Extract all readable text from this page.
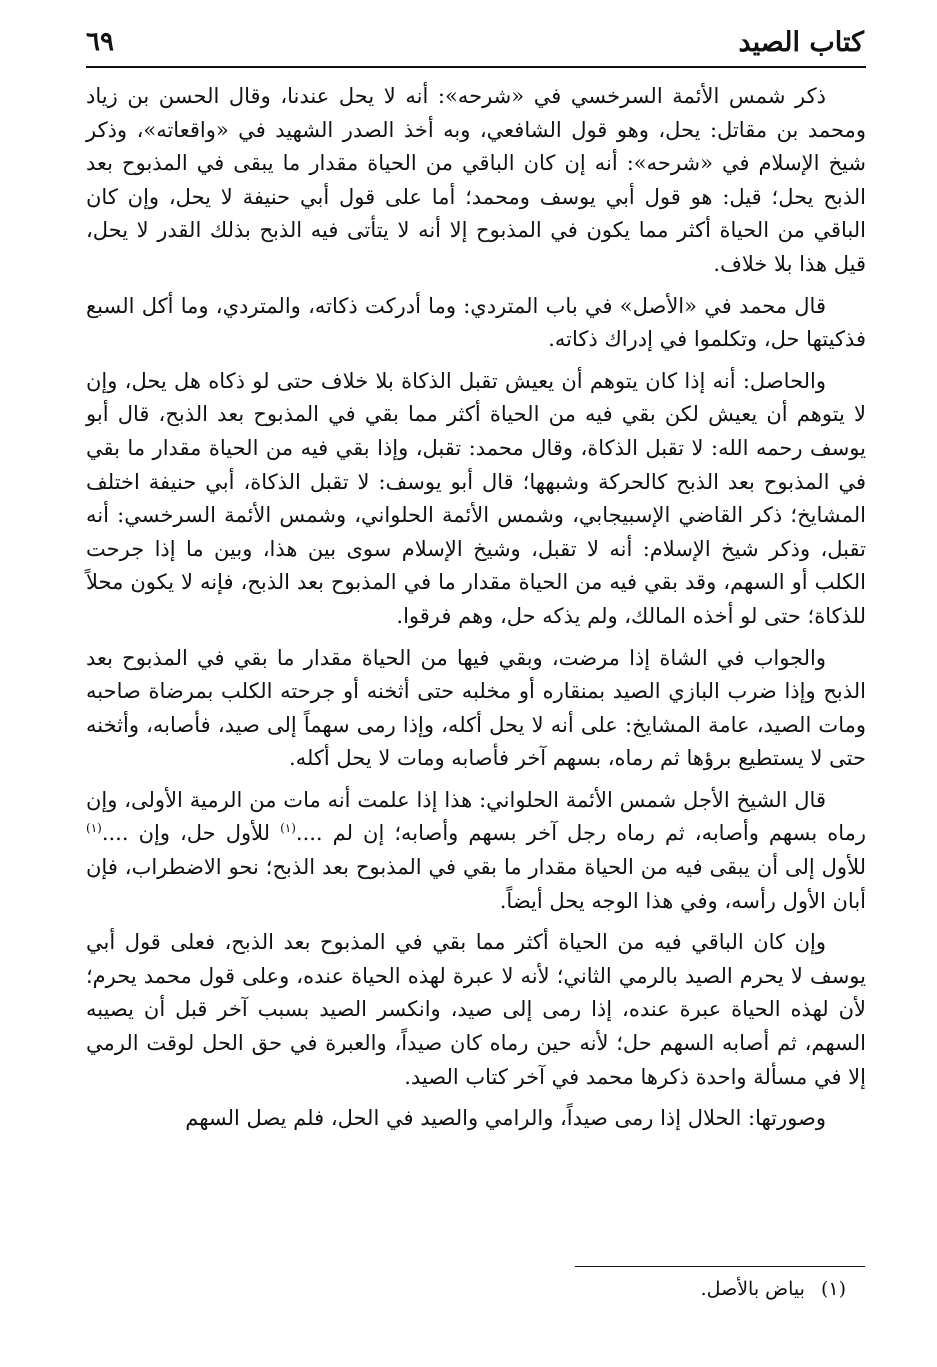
كتاب الصيد
٦٩

ذكر شمس الأئمة السرخسي في «شرحه»: أنه لا يحل عندنا، وقال الحسن بن زياد ومحمد بن مقاتل: يحل، وهو قول الشافعي، وبه أخذ الصدر الشهيد في «واقعاته»، وذكر شيخ الإسلام في «شرحه»: أنه إن كان الباقي من الحياة مقدار ما يبقى في المذبوح بعد الذبح يحل؛ قيل: هو قول أبي يوسف ومحمد؛ أما على قول أبي حنيفة لا يحل، وإن كان الباقي من الحياة أكثر مما يكون في المذبوح إلا أنه لا يتأتى فيه الذبح بذلك القدر لا يحل، قيل هذا بلا خلاف.

قال محمد في «الأصل» في باب المتردي: وما أدركت ذكاته، والمتردي، وما أكل السبع فذكيتها حل، وتكلموا في إدراك ذكاته.

والحاصل: أنه إذا كان يتوهم أن يعيش تقبل الذكاة بلا خلاف حتى لو ذكاه هل يحل، وإن لا يتوهم أن يعيش لكن بقي فيه من الحياة أكثر مما بقي في المذبوح بعد الذبح، قال أبو يوسف رحمه الله: لا تقبل الذكاة، وقال محمد: تقبل، وإذا بقي فيه من الحياة مقدار ما بقي في المذبوح بعد الذبح كالحركة وشبهها؛ قال أبو يوسف: لا تقبل الذكاة، أبي حنيفة اختلف المشايخ؛ ذكر القاضي الإسبيجابي، وشمس الأئمة الحلواني، وشمس الأئمة السرخسي: أنه تقبل، وذكر شيخ الإسلام: أنه لا تقبل، وشيخ الإسلام سوى بين هذا، وبين ما إذا جرحت الكلب أو السهم، وقد بقي فيه من الحياة مقدار ما في المذبوح بعد الذبح، فإنه لا يكون محلاً للذكاة؛ حتى لو أخذه المالك، ولم يذكه حل، وهم فرقوا.

والجواب في الشاة إذا مرضت، وبقي فيها من الحياة مقدار ما بقي في المذبوح بعد الذبح وإذا ضرب البازي الصيد بمنقاره أو مخلبه حتى أثخنه أو جرحته الكلب بمرضاة صاحبه ومات الصيد، عامة المشايخ: على أنه لا يحل أكله، وإذا رمى سهماً إلى صيد، فأصابه، وأثخنه حتى لا يستطيع برؤها ثم رماه، بسهم آخر فأصابه ومات لا يحل أكله.

قال الشيخ الأجل شمس الأئمة الحلواني: هذا إذا علمت أنه مات من الرمية الأولى، وإن رماه بسهم وأصابه، ثم رماه رجل آخر بسهم وأصابه؛ إن لم ....$^{(١)}$ للأول حل، وإن ....$^{(١)}$ للأول إلى أن يبقى فيه من الحياة مقدار ما بقي في المذبوح بعد الذبح؛ نحو الاضطراب، فإن أبان الأول رأسه، وفي هذا الوجه يحل أيضاً.

وإن كان الباقي فيه من الحياة أكثر مما بقي في المذبوح بعد الذبح، فعلى قول أبي يوسف لا يحرم الصيد بالرمي الثاني؛ لأنه لا عبرة لهذه الحياة عنده، وعلى قول محمد يحرم؛ لأن لهذه الحياة عبرة عنده، إذا رمى إلى صيد، وانكسر الصيد بسبب آخر قبل أن يصيبه السهم، ثم أصابه السهم حل؛ لأنه حين رماه كان صيداً، والعبرة في حق الحل لوقت الرمي إلا في مسألة واحدة ذكرها محمد في آخر كتاب الصيد.

وصورتها: الحلال إذا رمى صيداً، والرامي والصيد في الحل، فلم يصل السهم

(١)بياض بالأصل.
